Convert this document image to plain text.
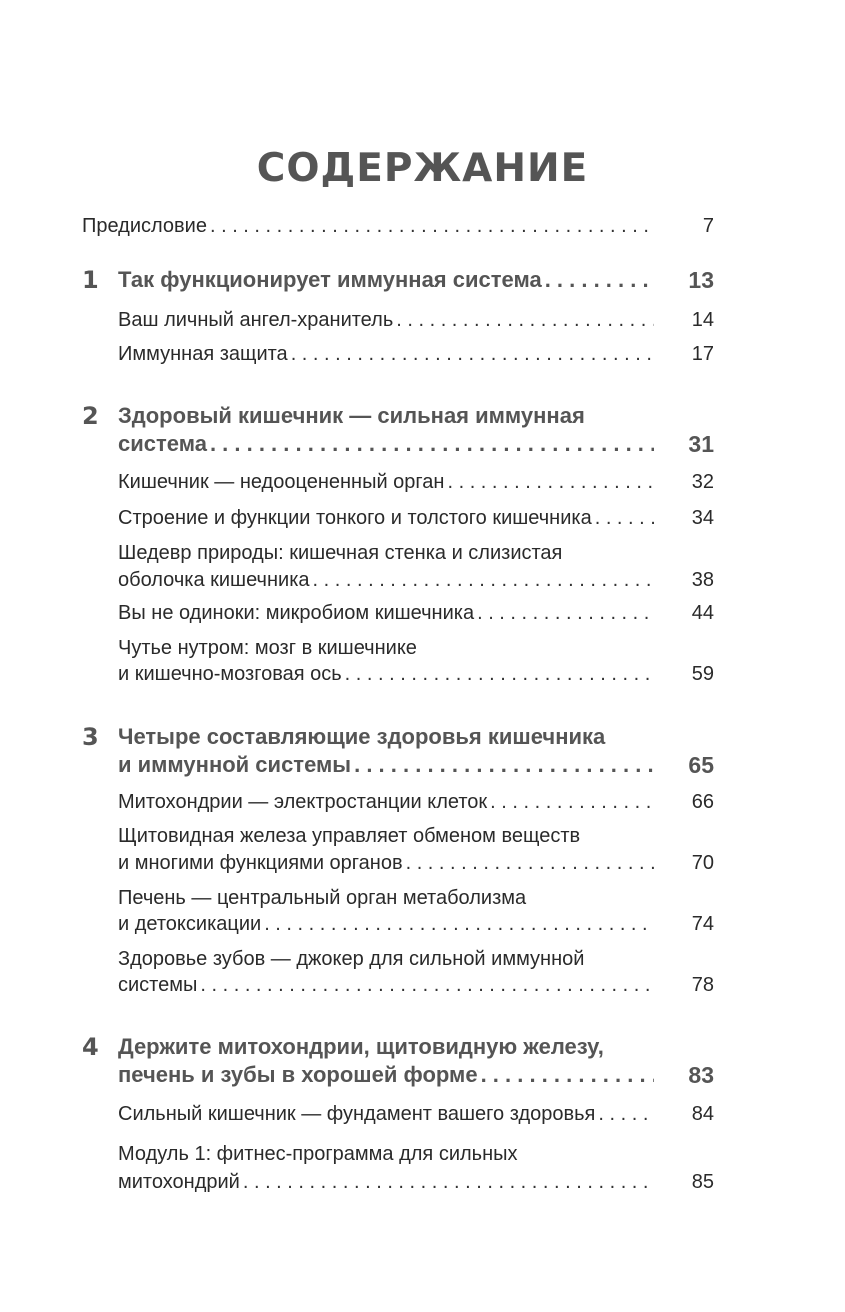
СОДЕРЖАНИЕ
Предисловие . . .	7
1 Так функционирует иммунная система . . .	13
Ваш личный ангел-хранитель . . .	14
Иммунная защита . . .	17
2 Здоровый кишечник — сильная иммунная
система . . .	31
Кишечник — недооцененный орган . . .	32
Строение и функции тонкого и толстого кишечника . . .	34
Шедевр природы: кишечная стенка и слизистая
оболочка кишечника . . .	38
Вы не одиноки: микробиом кишечника . . .	44
Чутье нутром: мозг в кишечнике
и кишечно-мозговая ось . . .	59
3 Четыре составляющие здоровья кишечника
и иммунной системы . . .	65
Митохондрии — электростанции клеток . . .	66
Щитовидная железа управляет обменом веществ
и многими функциями органов . . .	70
Печень — центральный орган метаболизма
и детоксикации . . .	74
Здоровье зубов — джокер для сильной иммунной
системы . . .	78
4 Держите митохондрии, щитовидную железу,
печень и зубы в хорошей форме . . .	83
Сильный кишечник — фундамент вашего здоровья . . .	84
Модуль 1: фитнес-программа для сильных
митохондрий . . .	85
